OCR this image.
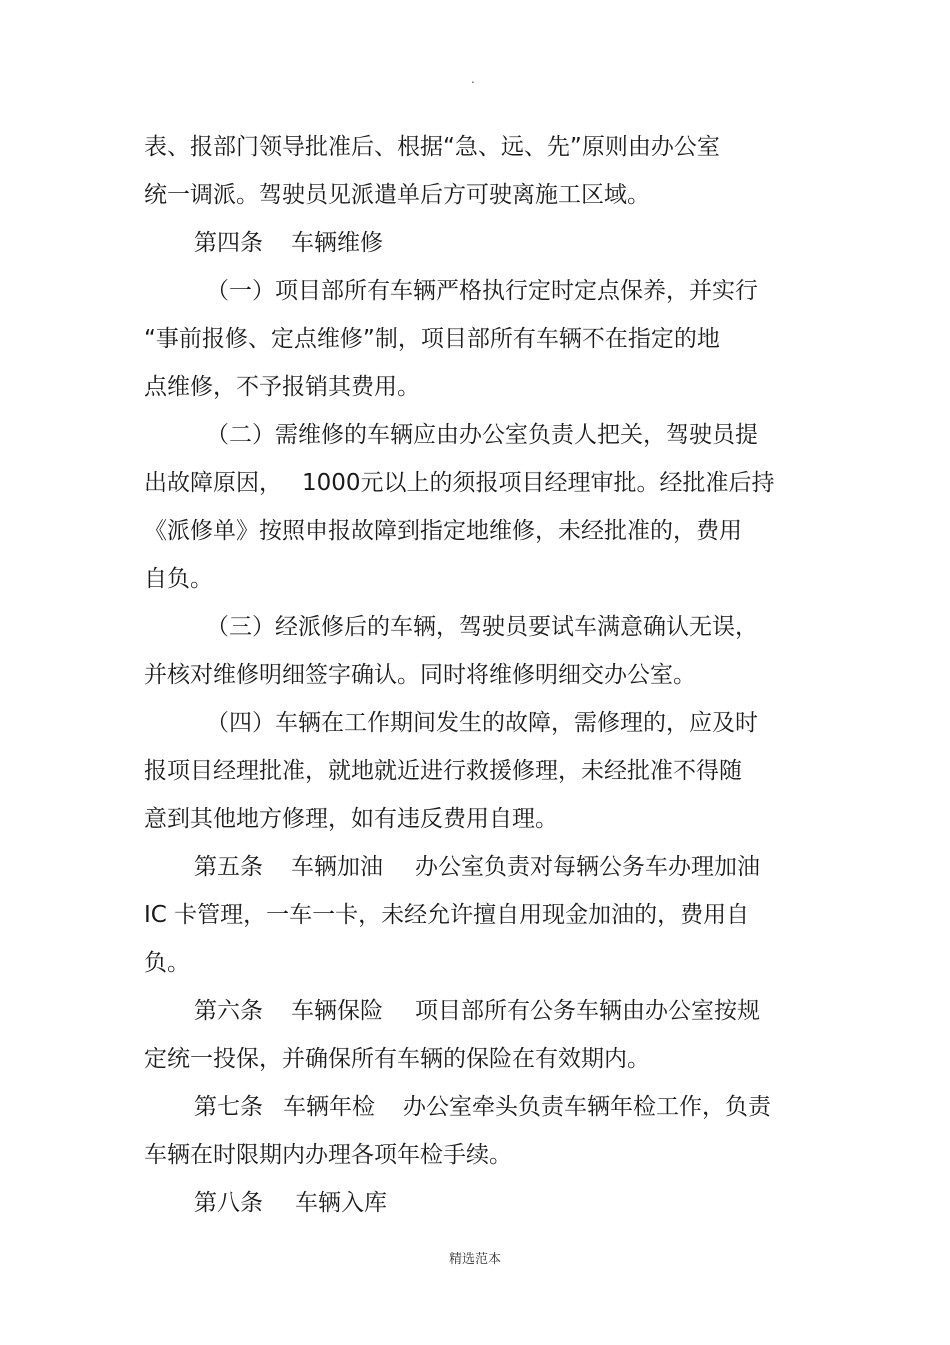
.
表、报部门领导批准后、根据“急、远、先”原则由办公室
统一调派。驾驶员见派遣单后方可驶离施工区域。
第四条 车辆维修
（一）项目部所有车辆严格执行定时定点保养，并实行
“事前报修、定点维修”制，项目部所有车辆不在指定的地
点维修，不予报销其费用。
（二）需维修的车辆应由办公室负责人把关，驾驶员提
出故障原因， 1000元以上的须报项目经理审批。经批准后持
《派修单》按照申报故障到指定地维修，未经批准的，费用
自负。
（三）经派修后的车辆，驾驶员要试车满意确认无误，
并核对维修明细签字确认。同时将维修明细交办公室。
（四）车辆在工作期间发生的故障，需修理的，应及时
报项目经理批准，就地就近进行救援修理，未经批准不得随
意到其他地方修理，如有违反费用自理。
第五条 车辆加油 办公室负责对每辆公务车办理加油
IC 卡管理，一车一卡，未经允许擅自用现金加油的，费用自
负。
第六条 车辆保险 项目部所有公务车辆由办公室按规
定统一投保，并确保所有车辆的保险在有效期内。
第七条 车辆年检 办公室牵头负责车辆年检工作，负责
车辆在时限期内办理各项年检手续。
第八条 车辆入库
精选范本
